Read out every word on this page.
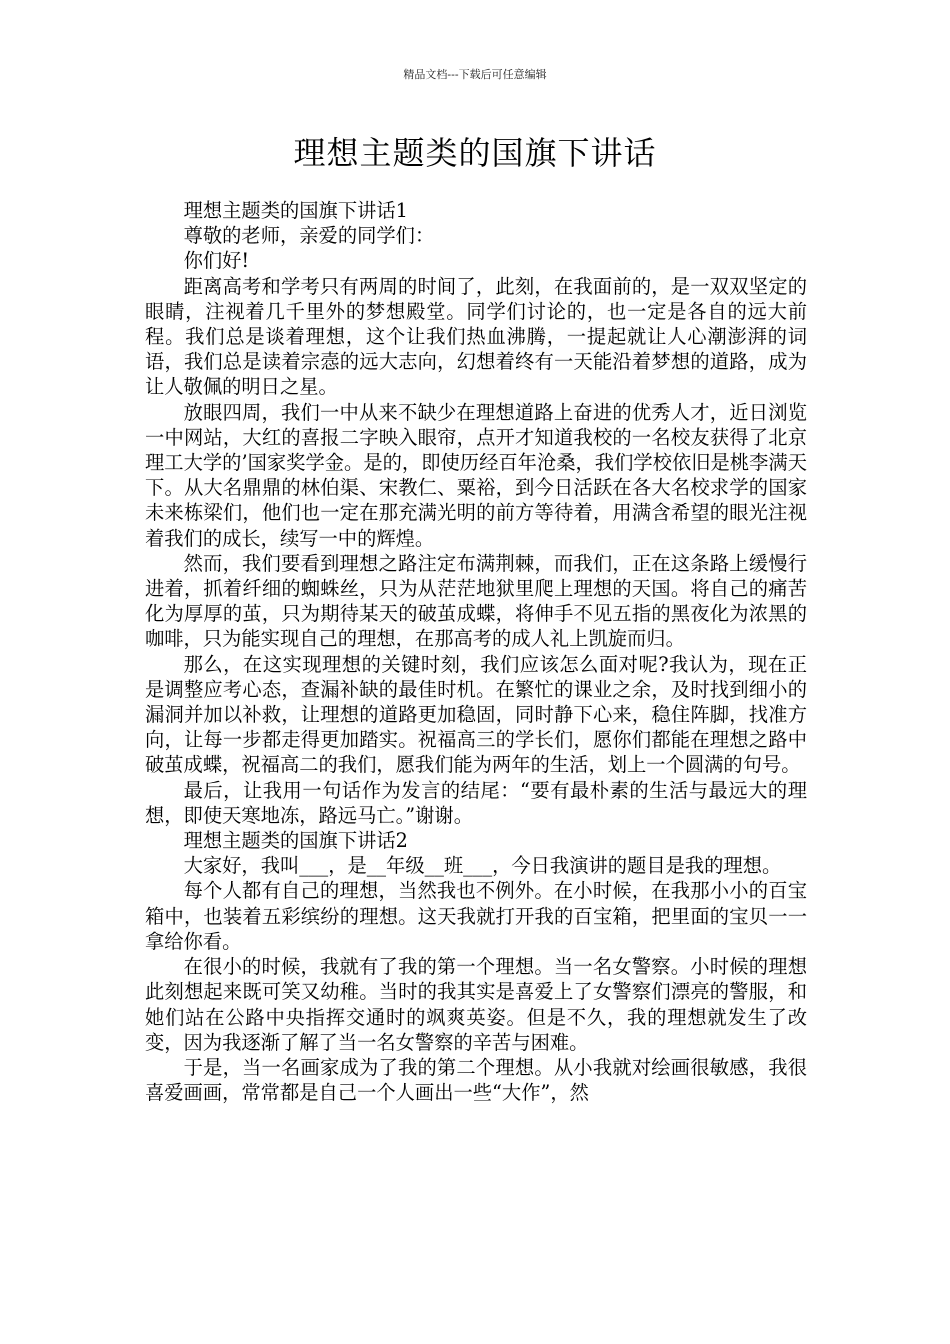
精品文档---下载后可任意编辑
理想主题类的国旗下讲话

理想主题类的国旗下讲话1

尊敬的老师，亲爱的同学们：

你们好!

距离高考和学考只有两周的时间了，此刻，在我面前的，是一双双坚定的眼睛，注视着几千里外的梦想殿堂。同学们讨论的，也一定是各自的远大前程。我们总是谈着理想，这个让我们热血沸腾，一提起就让人心潮澎湃的词语，我们总是读着宗悫的远大志向，幻想着终有一天能沿着梦想的道路，成为让人敬佩的明日之星。

放眼四周，我们一中从来不缺少在理想道路上奋进的优秀人才，近日浏览一中网站，大红的喜报二字映入眼帘，点开才知道我校的一名校友获得了北京理工大学的’国家奖学金。是的，即使历经百年沧桑，我们学校依旧是桃李满天下。从大名鼎鼎的林伯渠、宋教仁、粟裕，到今日活跃在各大名校求学的国家未来栋梁们，他们也一定在那充满光明的前方等待着，用满含希望的眼光注视着我们的成长，续写一中的辉煌。

然而，我们要看到理想之路注定布满荆棘，而我们，正在这条路上缓慢行进着，抓着纤细的蜘蛛丝，只为从茫茫地狱里爬上理想的天国。将自己的痛苦化为厚厚的茧，只为期待某天的破茧成蝶，将伸手不见五指的黑夜化为浓黑的咖啡，只为能实现自己的理想，在那高考的成人礼上凯旋而归。

那么，在这实现理想的关键时刻，我们应该怎么面对呢?我认为，现在正是调整应考心态，查漏补缺的最佳时机。在繁忙的课业之余，及时找到细小的漏洞并加以补救，让理想的道路更加稳固，同时静下心来，稳住阵脚，找准方向，让每一步都走得更加踏实。祝福高三的学长们，愿你们都能在理想之路中破茧成蝶，祝福高二的我们，愿我们能为两年的生活，划上一个圆满的句号。

最后，让我用一句话作为发言的结尾：“要有最朴素的生活与最远大的理想，即使天寒地冻，路远马亡。”谢谢。

理想主题类的国旗下讲话2

大家好，我叫___，是__年级__班___，今日我演讲的题目是我的理想。

每个人都有自己的理想，当然我也不例外。在小时候，在我那小小的百宝箱中，也装着五彩缤纷的理想。这天我就打开我的百宝箱，把里面的宝贝一一拿给你看。

在很小的时候，我就有了我的第一个理想。当一名女警察。小时候的理想此刻想起来既可笑又幼稚。当时的我其实是喜爱上了女警察们漂亮的警服，和她们站在公路中央指挥交通时的飒爽英姿。但是不久，我的理想就发生了改变，因为我逐渐了解了当一名女警察的辛苦与困难。

于是，当一名画家成为了我的第二个理想。从小我就对绘画很敏感，我很喜爱画画，常常都是自己一个人画出一些“大作”，然
